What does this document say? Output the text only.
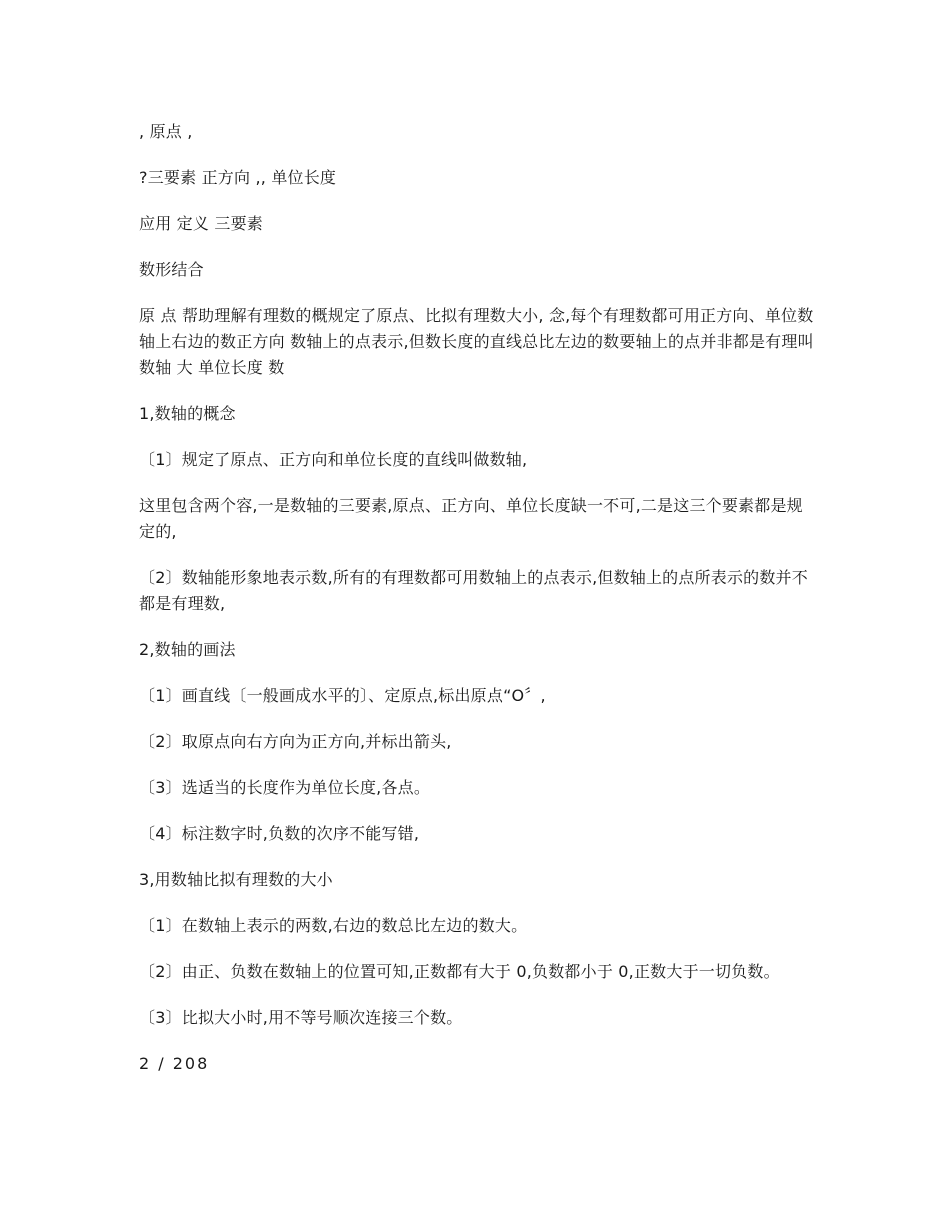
, 原点 ,

?三要素 正方向 ,, 单位长度

应用 定义 三要素

数形结合

原 点 帮助理解有理数的概规定了原点、比拟有理数大小, 念,每个有理数都可用正方向、单位数轴上右边的数正方向 数轴上的点表示,但数长度的直线总比左边的数要轴上的点并非都是有理叫数轴 大 单位长度 数

1,数轴的概念

〔1〕规定了原点、正方向和单位长度的直线叫做数轴,

这里包含两个容,一是数轴的三要素,原点、正方向、单位长度缺一不可,二是这三个要素都是规定的,

〔2〕数轴能形象地表示数,所有的有理数都可用数轴上的点表示,但数轴上的点所表示的数并不都是有理数,

2,数轴的画法

〔1〕画直线〔一般画成水平的〕、定原点,标出原点“O〞,

〔2〕取原点向右方向为正方向,并标出箭头,

〔3〕选适当的长度作为单位长度,各点。

〔4〕标注数字时,负数的次序不能写错,

3,用数轴比拟有理数的大小

〔1〕在数轴上表示的两数,右边的数总比左边的数大。

〔2〕由正、负数在数轴上的位置可知,正数都有大于 0,负数都小于 0,正数大于一切负数。

〔3〕比拟大小时,用不等号顺次连接三个数。

2 / 208
